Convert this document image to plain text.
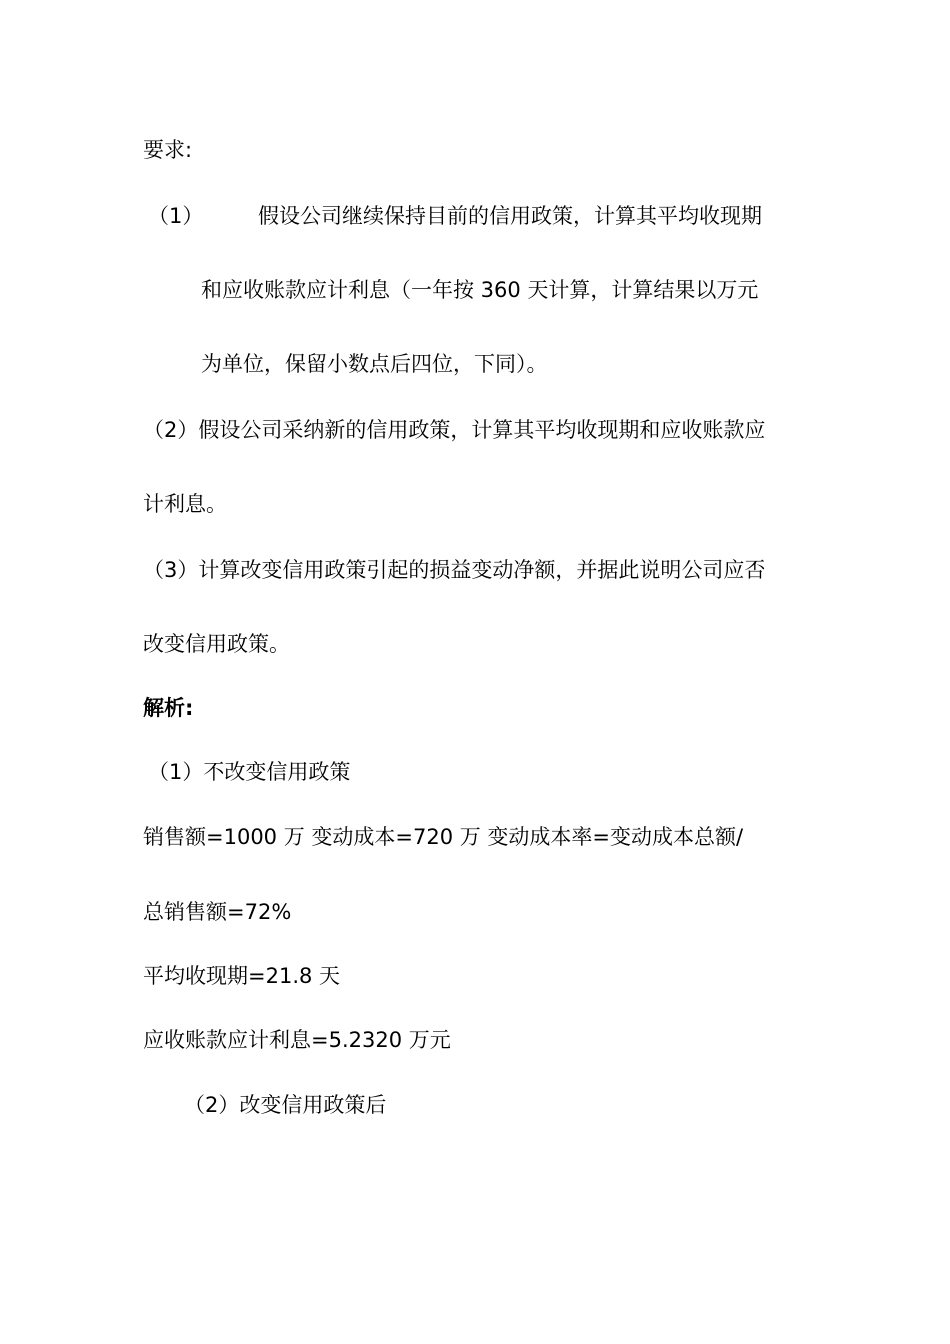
要求:
（1）	假设公司继续保持目前的信用政策，计算其平均收现期
和应收账款应计利息（一年按 360 天计算，计算结果以万元
为单位，保留小数点后四位，下同）。
（2）假设公司采纳新的信用政策，计算其平均收现期和应收账款应
计利息。
（3）计算改变信用政策引起的损益变动净额，并据此说明公司应否
改变信用政策。
解析:
（1）不改变信用政策
销售额=1000 万 变动成本=720 万 变动成本率=变动成本总额/
总销售额=72%
平均收现期=21.8 天
应收账款应计利息=5.2320 万元
（2）改变信用政策后
